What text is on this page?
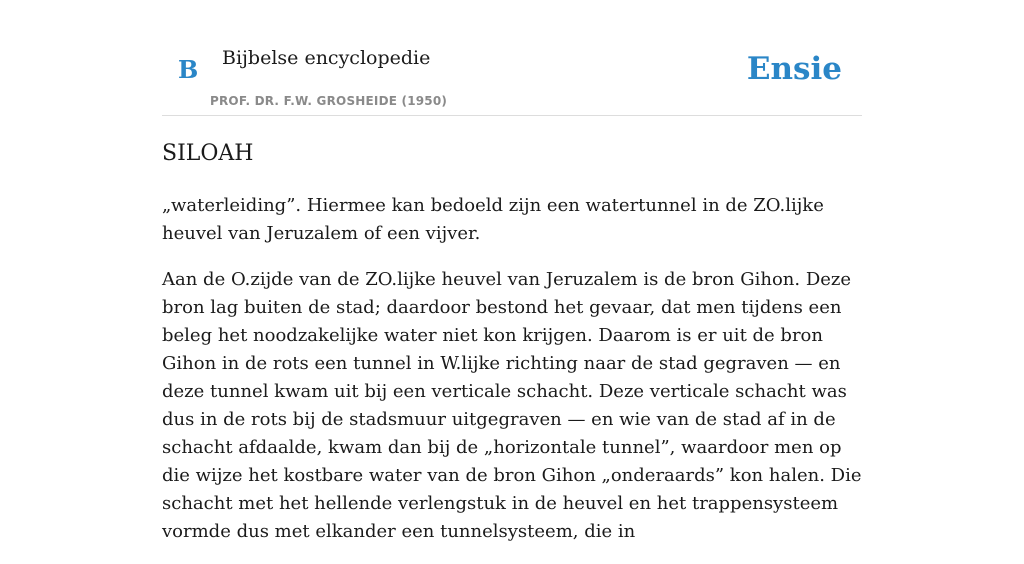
B Bijbelse encyclopedie
PROF. DR. F.W. GROSHEIDE (1950)
Ensie
SILOAH

„waterleiding”. Hiermee kan bedoeld zijn een watertunnel in de ZO.lijke heuvel van Jeruzalem of een vijver.

Aan de O.zijde van de ZO.lijke heuvel van Jeruzalem is de bron Gihon. Deze bron lag buiten de stad; daardoor bestond het gevaar, dat men tijdens een beleg het noodzakelijke water niet kon krijgen. Daarom is er uit de bron Gihon in de rots een tunnel in W.lijke richting naar de stad gegraven — en deze tunnel kwam uit bij een verticale schacht. Deze verticale schacht was dus in de rots bij de stadsmuur uitgegraven — en wie van de stad af in de schacht afdaalde, kwam dan bij de „horizontale tunnel”, waardoor men op die wijze het kostbare water van de bron Gihon „onderaards” kon halen. Die schacht met het hellende verlengstuk in de heuvel en het trappensysteem vormde dus met elkander een tunnelsysteem, die in
